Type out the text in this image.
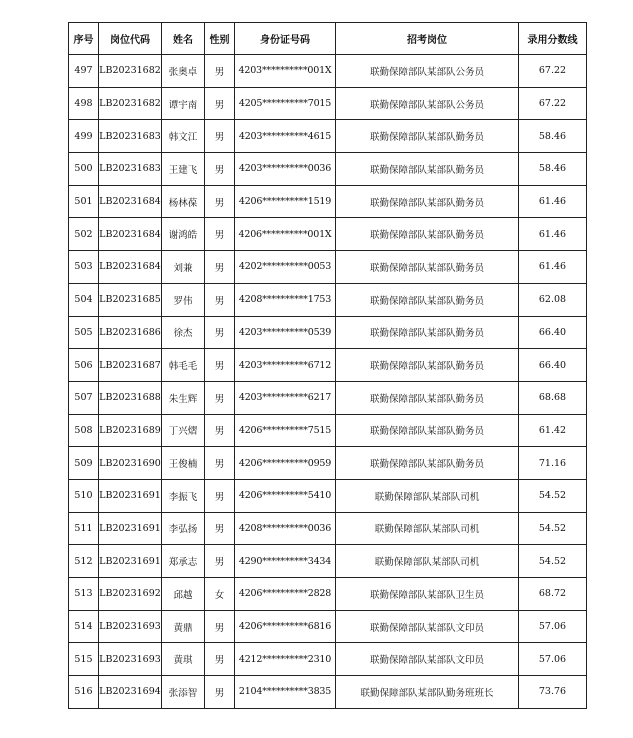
序号	岗位代码	姓名	性别	身份证号码	招考岗位	录用分数线
497	LB20231682	张奥卓	男	4203**********001X	联勤保障部队某部队公务员	67.22
498	LB20231682	谭宇南	男	4205**********7015	联勤保障部队某部队公务员	67.22
499	LB20231683	韩文江	男	4203**********4615	联勤保障部队某部队勤务员	58.46
500	LB20231683	王建飞	男	4203**********0036	联勤保障部队某部队勤务员	58.46
501	LB20231684	杨林葆	男	4206**********1519	联勤保障部队某部队勤务员	61.46
502	LB20231684	谢鸿皓	男	4206**********001X	联勤保障部队某部队勤务员	61.46
503	LB20231684	刘兼	男	4202**********0053	联勤保障部队某部队勤务员	61.46
504	LB20231685	罗伟	男	4208**********1753	联勤保障部队某部队勤务员	62.08
505	LB20231686	徐杰	男	4203**********0539	联勤保障部队某部队勤务员	66.40
506	LB20231687	韩毛毛	男	4203**********6712	联勤保障部队某部队勤务员	66.40
507	LB20231688	朱生辉	男	4203**********6217	联勤保障部队某部队勤务员	68.68
508	LB20231689	丁兴熠	男	4206**********7515	联勤保障部队某部队勤务员	61.42
509	LB20231690	王俊楠	男	4206**********0959	联勤保障部队某部队勤务员	71.16
510	LB20231691	李振飞	男	4206**********5410	联勤保障部队某部队司机	54.52
511	LB20231691	李弘扬	男	4208**********0036	联勤保障部队某部队司机	54.52
512	LB20231691	郑承志	男	4290**********3434	联勤保障部队某部队司机	54.52
513	LB20231692	邱越	女	4206**********2828	联勤保障部队某部队卫生员	68.72
514	LB20231693	黄鼎	男	4206**********6816	联勤保障部队某部队文印员	57.06
515	LB20231693	黄琪	男	4212**********2310	联勤保障部队某部队文印员	57.06
516	LB20231694	张添智	男	2104**********3835	联勤保障部队某部队勤务班班长	73.76
